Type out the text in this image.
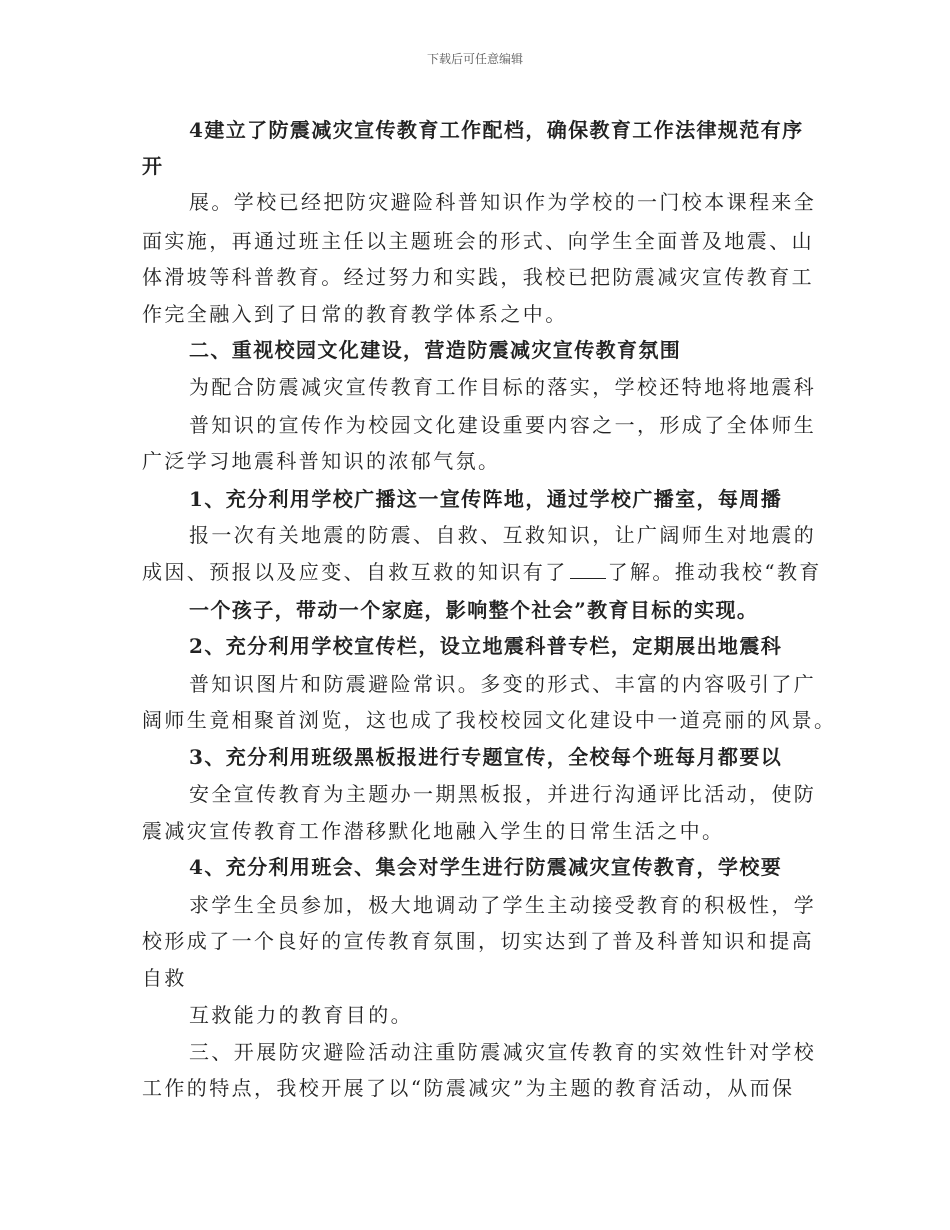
下载后可任意编辑
4建立了防震减灾宣传教育工作配档，确保教育工作法律规范有序
开
展。学校已经把防灾避险科普知识作为学校的一门校本课程来全
面实施，再通过班主任以主题班会的形式、向学生全面普及地震、山
体滑坡等科普教育。经过努力和实践，我校已把防震减灾宣传教育工
作完全融入到了日常的教育教学体系之中。
二、重视校园文化建设，营造防震减灾宣传教育氛围
为配合防震减灾宣传教育工作目标的落实，学校还特地将地震科
普知识的宣传作为校园文化建设重要内容之一，形成了全体师生
广泛学习地震科普知识的浓郁气氛。
1、充分利用学校广播这一宣传阵地，通过学校广播室，每周播
报一次有关地震的防震、自救、互救知识，让广阔师生对地震的
成因、预报以及应变、自救互救的知识有了 了解。推动我校“教育
一个孩子，带动一个家庭，影响整个社会”教育目标的实现。
2、充分利用学校宣传栏，设立地震科普专栏，定期展出地震科
普知识图片和防震避险常识。多变的形式、丰富的内容吸引了广
阔师生竟相聚首浏览，这也成了我校校园文化建设中一道亮丽的风景。
3、充分利用班级黑板报进行专题宣传，全校每个班每月都要以
安全宣传教育为主题办一期黑板报，并进行沟通评比活动，使防
震减灾宣传教育工作潜移默化地融入学生的日常生活之中。
4、充分利用班会、集会对学生进行防震减灾宣传教育，学校要
求学生全员参加，极大地调动了学生主动接受教育的积极性，学
校形成了一个良好的宣传教育氛围，切实达到了普及科普知识和提高
自救
互救能力的教育目的。
三、开展防灾避险活动注重防震减灾宣传教育的实效性针对学校
工作的特点，我校开展了以“防震减灾”为主题的教育活动，从而保
